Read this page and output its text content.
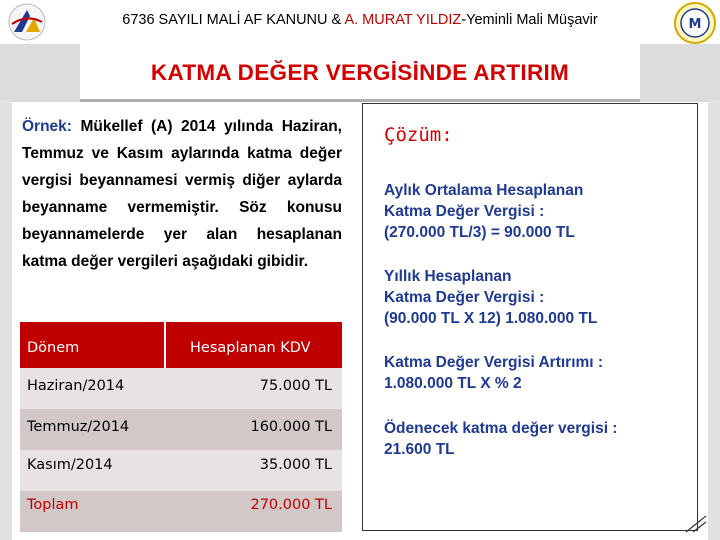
6736 SAYILI MALİ AF KANUNU & A. MURAT YILDIZ-Yeminli Mali Müşavir	M
KATMA DEĞER VERGİSİNDE ARTIRIM
Örnek: Mükellef (A) 2014 yılında Haziran, Temmuz ve Kasım aylarında katma değer vergisi beyannamesi vermiş diğer aylarda beyanname vermemiştir. Söz konusu beyannamelerde yer alan hesaplanan katma değer vergileri aşağıdaki gibidir.
Dönem	Hesaplanan KDV
Haziran/2014	75.000 TL
Temmuz/2014	160.000 TL
Kasım/2014	35.000 TL
Toplam	270.000 TL
Çözüm:
Aylık Ortalama Hesaplanan
Katma Değer Vergisi :
(270.000 TL/3) = 90.000 TL
Yıllık Hesaplanan
Katma Değer Vergisi :
(90.000 TL X 12) 1.080.000 TL
Katma Değer Vergisi Artırımı :
1.080.000 TL X % 2
Ödenecek katma değer vergisi :
21.600 TL
